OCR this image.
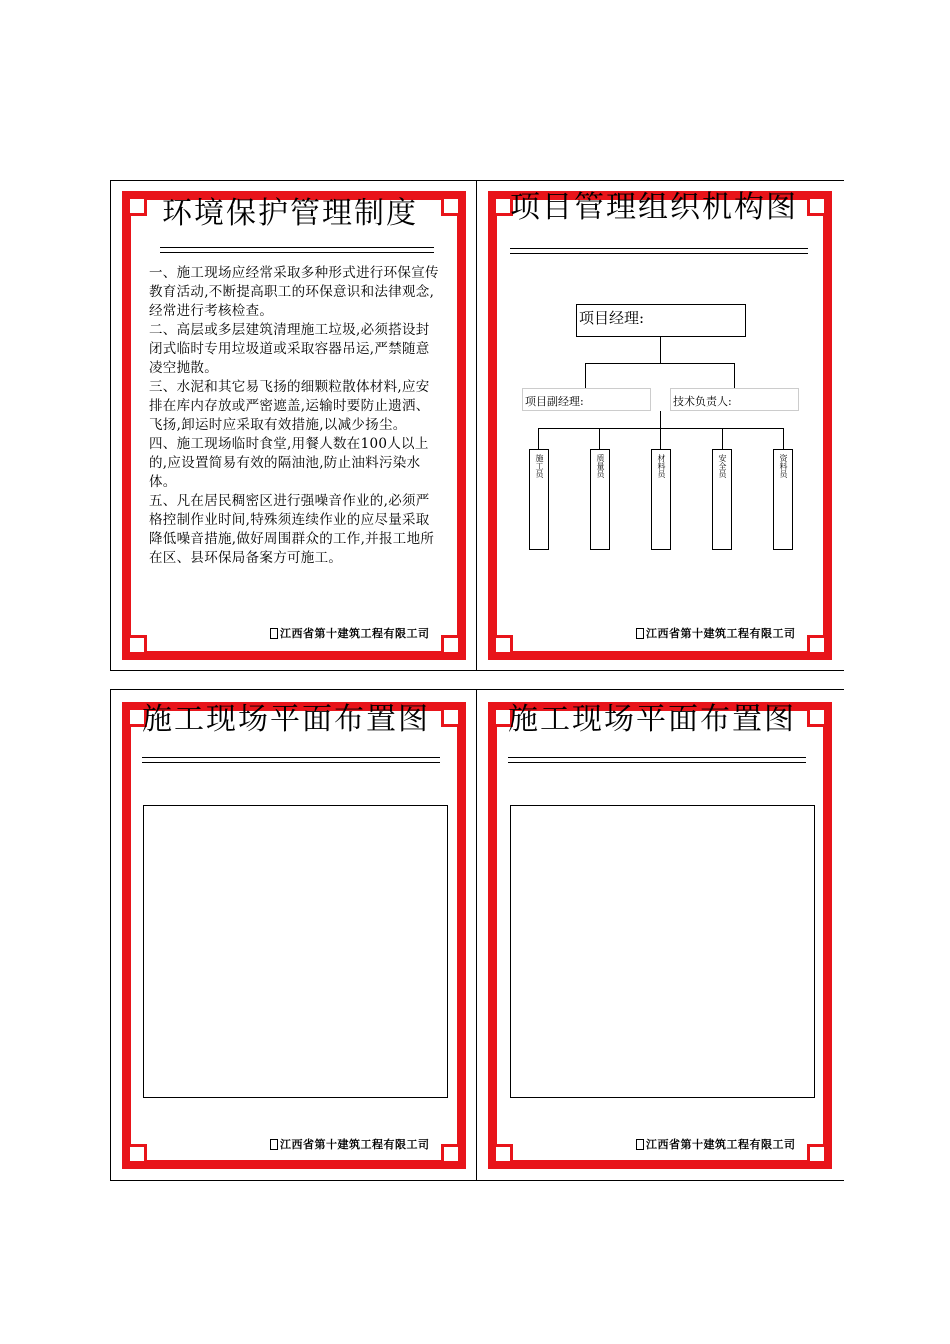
环境保护管理制度

一、施工现场应经常采取多种形式进行环保宣传教育活动,不断提高职工的环保意识和法律观念,经常进行考核检查。

二、高层或多层建筑清理施工垃圾,必须搭设封闭式临时专用垃圾道或采取容器吊运,严禁随意凌空抛散。

三、水泥和其它易飞扬的细颗粒散体材料,应安排在库内存放或严密遮盖,运输时要防止遗洒、飞扬,卸运时应采取有效措施,以减少扬尘。

四、施工现场临时食堂,用餐人数在100人以上的,应设置简易有效的隔油池,防止油料污染水体。

五、凡在居民稠密区进行强噪音作业的,必须严格控制作业时间,特殊须连续作业的应尽量采取降低噪音措施,做好周围群众的工作,并报工地所在区、县环保局备案方可施工。

江西省第十建筑工程有限工司
项目管理组织机构图
项目经理:
项目副经理:	技术负责人:
施工员	质量员	材料员	安全员	资料员
江西省第十建筑工程有限工司
施工现场平面布置图
江西省第十建筑工程有限工司
施工现场平面布置图
江西省第十建筑工程有限工司
